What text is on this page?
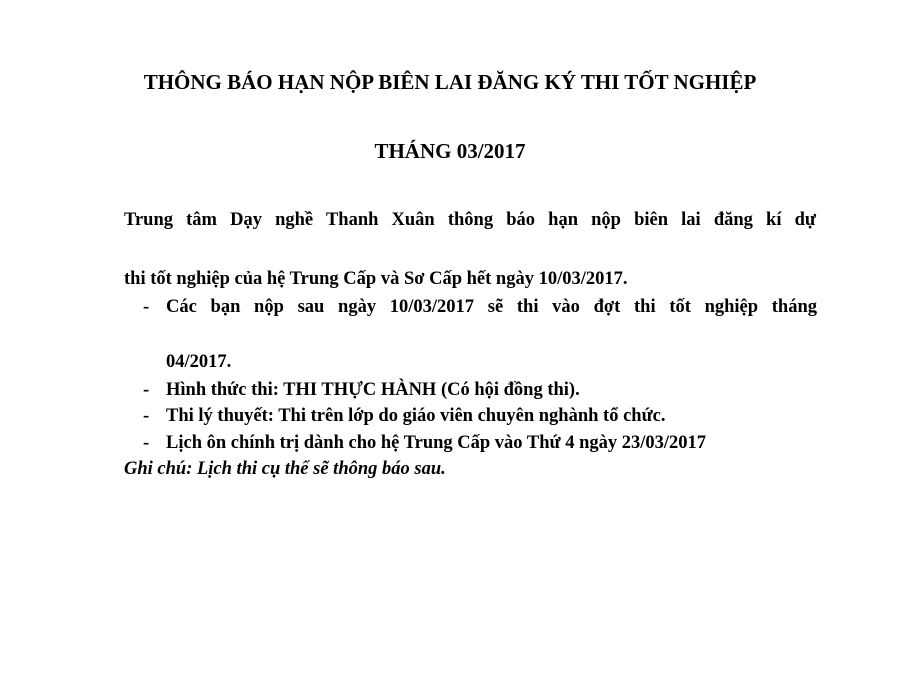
THÔNG BÁO HẠN NỘP BIÊN LAI ĐĂNG KÝ THI TỐT NGHIỆP
THÁNG 03/2017
Trung tâm Dạy nghề Thanh Xuân thông báo hạn nộp biên lai đăng kí dự
thi tốt nghiệp của hệ Trung Cấp và Sơ Cấp hết ngày 10/03/2017.
- Các bạn nộp sau ngày 10/03/2017 sẽ thi vào đợt thi tốt nghiệp tháng
04/2017.
- Hình thức thi: THI THỰC HÀNH (Có hội đồng thi).
- Thi lý thuyết: Thi trên lớp do giáo viên chuyên nghành tổ chức.
- Lịch ôn chính trị dành cho hệ Trung Cấp vào Thứ 4 ngày 23/03/2017
Ghi chú: Lịch thi cụ thể sẽ thông báo sau.
